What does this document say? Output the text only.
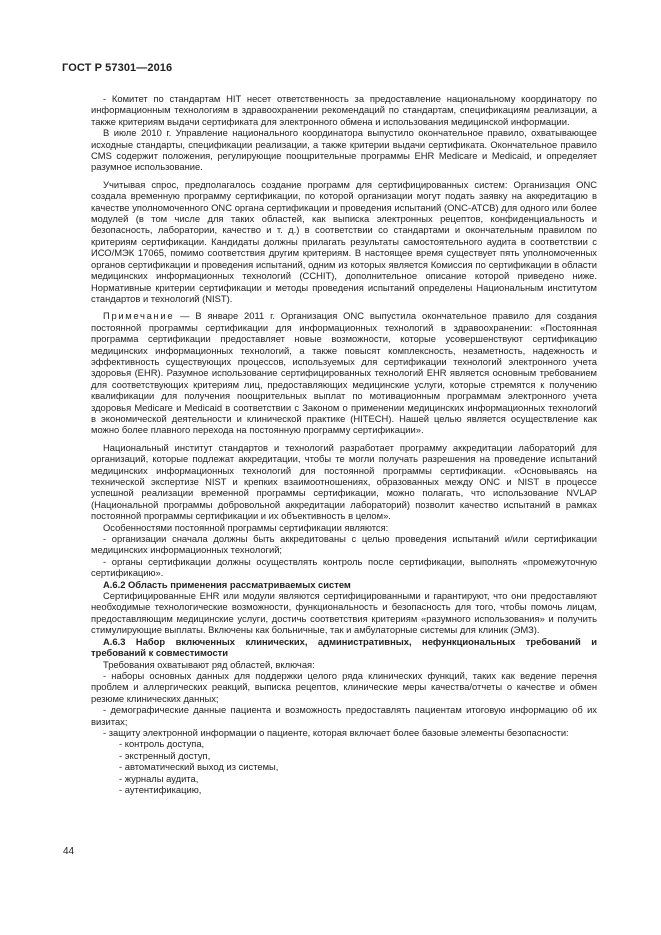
ГОСТ Р 57301—2016

- Комитет по стандартам HIT несет ответственность за предоставление национальному координатору по информационным технологиям в здравоохранении рекомендаций по стандартам, спецификациям реализации, а также критериям выдачи сертификата для электронного обмена и использования медицинской информации.

В июле 2010 г. Управление национального координатора выпустило окончательное правило, охватывающее исходные стандарты, спецификации реализации, а также критерии выдачи сертификата. Окончательное правило CMS содержит положения, регулирующие поощрительные программы EHR Medicare и Medicaid, и определяет разумное использование.

Учитывая спрос, предполагалось создание программ для сертифицированных систем: Организация ONC создала временную программу сертификации, по которой организации могут подать заявку на аккредитацию в качестве уполномоченного ONC органа сертификации и проведения испытаний (ONC-ATCB) для одного или более модулей (в том числе для таких областей, как выписка электронных рецептов, конфиденциальность и безопасность, лаборатории, качество и т. д.) в соответствии со стандартами и окончательным правилом по критериям сертификации. Кандидаты должны прилагать результаты самостоятельного аудита в соответствии с ИСО/МЭК 17065, помимо соответствия другим критериям. В настоящее время существует пять уполномоченных органов сертификации и проведения испытаний, одним из которых является Комиссия по сертификации в области медицинских информационных технологий (CCHIT), дополнительное описание которой приведено ниже. Нормативные критерии сертификации и методы проведения испытаний определены Национальным институтом стандартов и технологий (NIST).

Примечание — В январе 2011 г. Организация ONC выпустила окончательное правило для создания постоянной программы сертификации для информационных технологий в здравоохранении: «Постоянная программа сертификации предоставляет новые возможности, которые усовершенствуют сертификацию медицинских информационных технологий, а также повысят комплексность, незаметность, надежность и эффективность существующих процессов, используемых для сертификации технологий электронного учета здоровья (EHR). Разумное использование сертифицированных технологий EHR является основным требованием для соответствующих критериям лиц, предоставляющих медицинские услуги, которые стремятся к получению квалификации для получения поощрительных выплат по мотивационным программам электронного учета здоровья Medicare и Medicaid в соответствии с Законом о применении медицинских информационных технологий в экономической деятельности и клинической практике (HITECH). Нашей целью является осуществление как можно более плавного перехода на постоянную программу сертификации».

Национальный институт стандартов и технологий разработает программу аккредитации лабораторий для организаций, которые подлежат аккредитации, чтобы те могли получать разрешения на проведение испытаний медицинских информационных технологий для постоянной программы сертификации. «Основываясь на технической экспертизе NIST и крепких взаимоотношениях, образованных между ONC и NIST в процессе успешной реализации временной программы сертификации, можно полагать, что использование NVLAP (Национальной программы добровольной аккредитации лабораторий) позволит качество испытаний в рамках постоянной программы сертификации и их объективность в целом».

Особенностями постоянной программы сертификации являются:

- организации сначала должны быть аккредитованы с целью проведения испытаний и/или сертификации медицинских информационных технологий;

- органы сертификации должны осуществлять контроль после сертификации, выполнять «промежуточную сертификацию».

А.6.2 Область применения рассматриваемых систем

Сертифицированные EHR или модули являются сертифицированными и гарантируют, что они предоставляют необходимые технологические возможности, функциональность и безопасность для того, чтобы помочь лицам, предоставляющим медицинские услуги, достичь соответствия критериям «разумного использования» и получить стимулирующие выплаты. Включены как больничные, так и амбулаторные системы для клиник (ЭМЗ).

А.6.3 Набор включенных клинических, административных, нефункциональных требований и требований к совместимости

Требования охватывают ряд областей, включая:

- наборы основных данных для поддержки целого ряда клинических функций, таких как ведение перечня проблем и аллергических реакций, выписка рецептов, клинические меры качества/отчеты о качестве и обмен резюме клинических данных;

- демографические данные пациента и возможность предоставлять пациентам итоговую информацию об их визитах;

- защиту электронной информации о пациенте, которая включает более базовые элементы безопасности:

- контроль доступа,
- экстренный доступ,
- автоматический выход из системы,
- журналы аудита,
- аутентификацию,
44
